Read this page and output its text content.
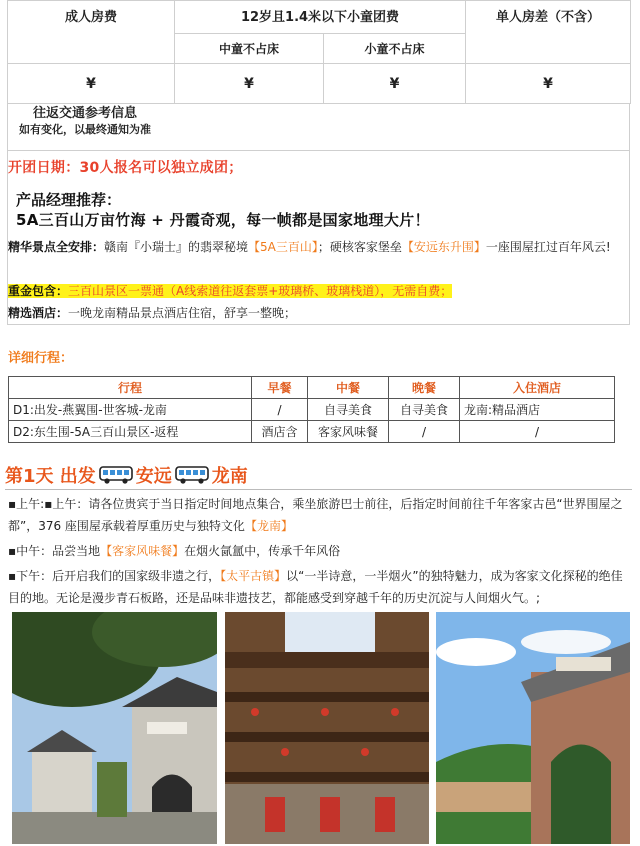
成人房费	12岁且1.4米以下小童团费		单人房差（不含）
	中童不占床	小童不占床	
¥	¥	¥	¥
往返交通参考信息
如有变化，以最终通知为准
开团日期：30人报名可以独立成团；
产品经理推荐：
5A三百山万亩竹海 + 丹霞奇观，每一帧都是国家地理大片！
精华景点全安排：赣南『小瑞士』的翡翠秘境【5A三百山】；硬核客家堡垒【安远东升围】一座围屋扛过百年风云!
重金包含：三百山景区一票通（A线索道往返套票+玻璃桥、玻璃栈道），无需自费；
精选酒店：一晚龙南精品景点酒店住宿，舒享一整晚；
详细行程：
行程	早餐	中餐	晚餐	入住酒店
D1:出发-燕翼围-世客城-龙南	/	自寻美食	自寻美食	龙南:精品酒店
D2:东生围-5A三百山景区-返程	酒店含	客家风味餐	/	/
第1天 出发 安远 龙南
▪上午:▪上午：请各位贵宾于当日指定时间地点集合，乘坐旅游巴士前往，后指定时间前往千年客家古邑“世界围屋之都”，376 座围屋承载着厚重历史与独特文化【龙南】
▪中午：品尝当地【客家风味餐】在烟火氤氲中，传承千年风俗
▪下午：后开启我们的国家级非遗之行，【太平古镇】以“一半诗意，一半烟火”的独特魅力，成为客家文化探秘的绝佳目的地。无论是漫步青石板路，还是品味非遗技艺，都能感受到穿越千年的历史沉淀与人间烟火气。;
